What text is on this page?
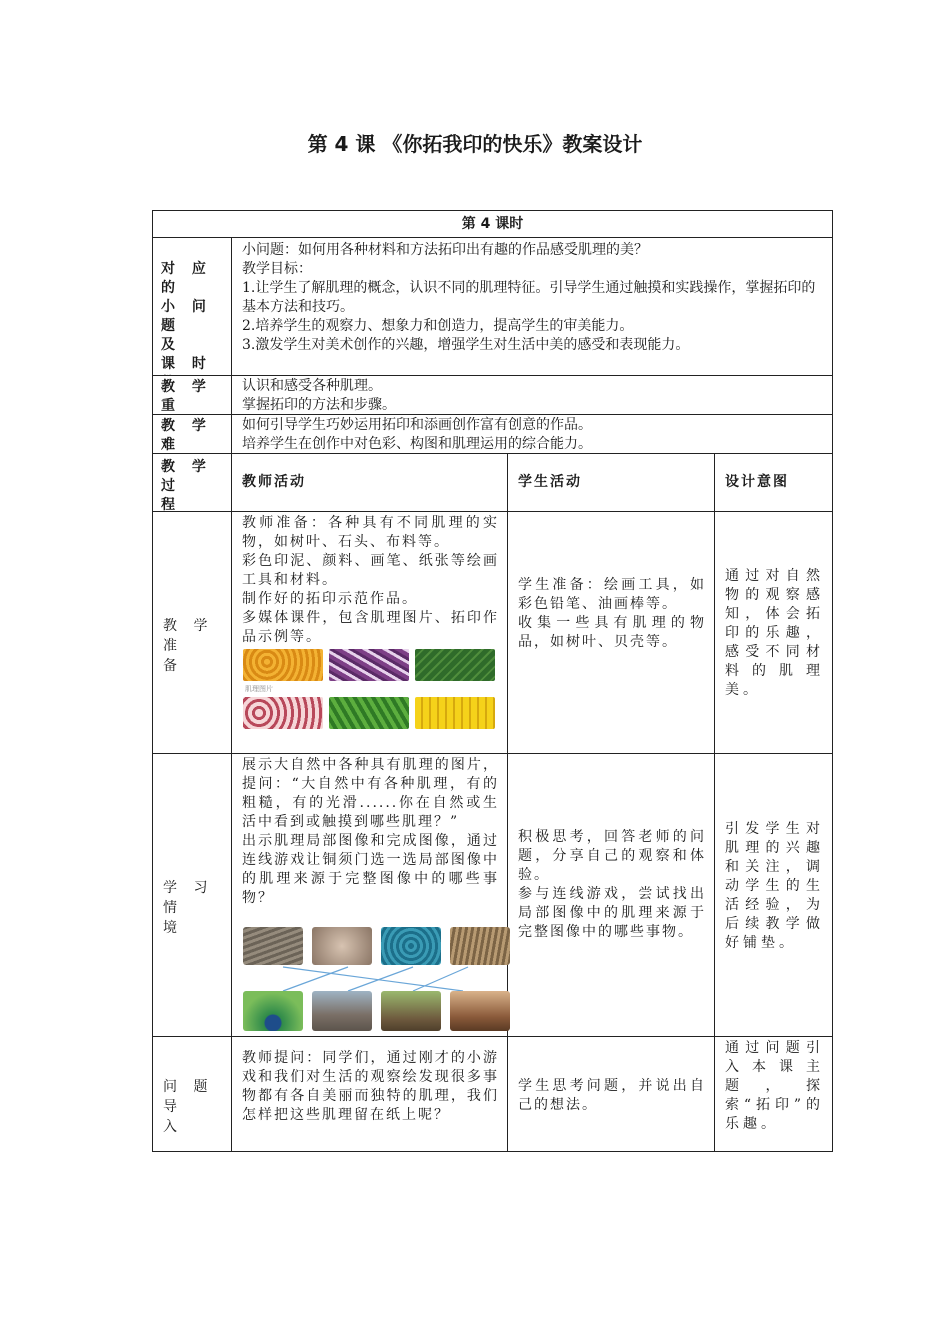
第 4 课 《你拓我印的快乐》教案设计
第 4 课时
对 应 的
小 问 题
及
课 时
小问题：如何用各种材料和方法拓印出有趣的作品感受肌理的美？
教学目标：
1.让学生了解肌理的概念，认识不同的肌理特征。引导学生通过触摸和实践操作，掌握拓印的基本方法和技巧。
2.培养学生的观察力、想象力和创造力，提高学生的审美能力。
3.激发学生对美术创作的兴趣，增强学生对生活中美的感受和表现能力。
教 学 重
认识和感受各种肌理。
掌握拓印的方法和步骤。
教 学 难
如何引导学生巧妙运用拓印和添画创作富有创意的作品。
培养学生在创作中对色彩、构图和肌理运用的综合能力。
教 学 过
程
教师活动	学生活动	设计意图
教 学 准
备
教师准备：各种具有不同肌理的实物，如树叶、石头、布料等。
彩色印泥、颜料、画笔、纸张等绘画工具和材料。
制作好的拓印示范作品。
多媒体课件，包含肌理图片、拓印作品示例等。
学生准备：绘画工具，如彩色铅笔、油画棒等。
收集一些具有肌理的物品，如树叶、贝壳等。
通过对自然物的观察感知，体会拓印的乐趣，感受不同材料的肌理美。
肌理图片
学 习 情
境
展示大自然中各种具有肌理的图片，提问：“大自然中有各种肌理，有的粗糙，有的光滑......你在自然或生活中看到或触摸到哪些肌理？”
出示肌理局部图像和完成图像，通过连线游戏让铜须门选一选局部图像中的肌理来源于完整图像中的哪些事物？
积极思考，回答老师的问题，分享自己的观察和体验。
参与连线游戏，尝试找出局部图像中的肌理来源于完整图像中的哪些事物。
引发学生对肌理的兴趣和关注，调动学生的生活经验，为后续教学做好铺垫。
问 题 导
入
教师提问：同学们，通过刚才的小游戏和我们对生活的观察绘发现很多事物都有各自美丽而独特的肌理，我们怎样把这些肌理留在纸上呢？
学生思考问题，并说出自己的想法。
通过问题引入本课主题，探索“拓印”的乐趣。
